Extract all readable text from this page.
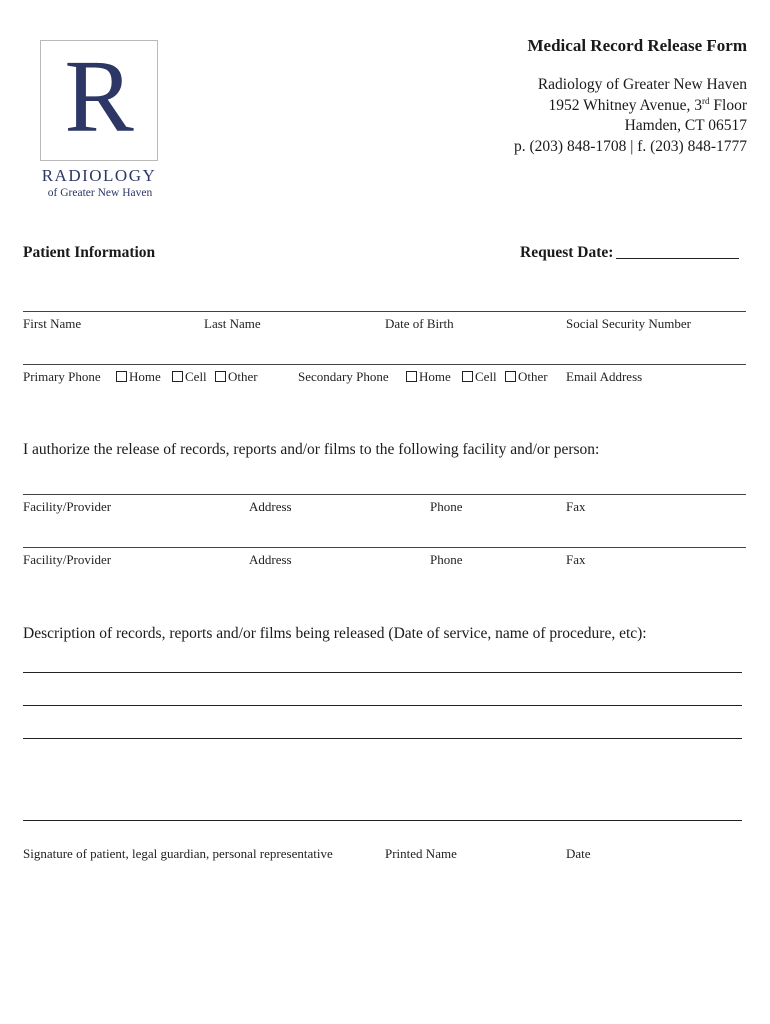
R
RADIOLOGY
of Greater New Haven
Medical Record Release Form
Radiology of Greater New Haven
1952 Whitney Avenue, 3rd Floor
Hamden, CT 06517
p. (203) 848-1708 | f. (203) 848-1777
Patient Information	Request Date:
First Name	Last Name	Date of Birth	Social Security Number
Primary Phone Home Cell Other	Secondary Phone Home Cell Other Email Address
I authorize the release of records, reports and/or films to the following facility and/or person:
Facility/Provider	Address	Phone	Fax
Facility/Provider	Address	Phone	Fax
Description of records, reports and/or films being released (Date of service, name of procedure, etc):
Signature of patient, legal guardian, personal representative	Printed Name	Date
